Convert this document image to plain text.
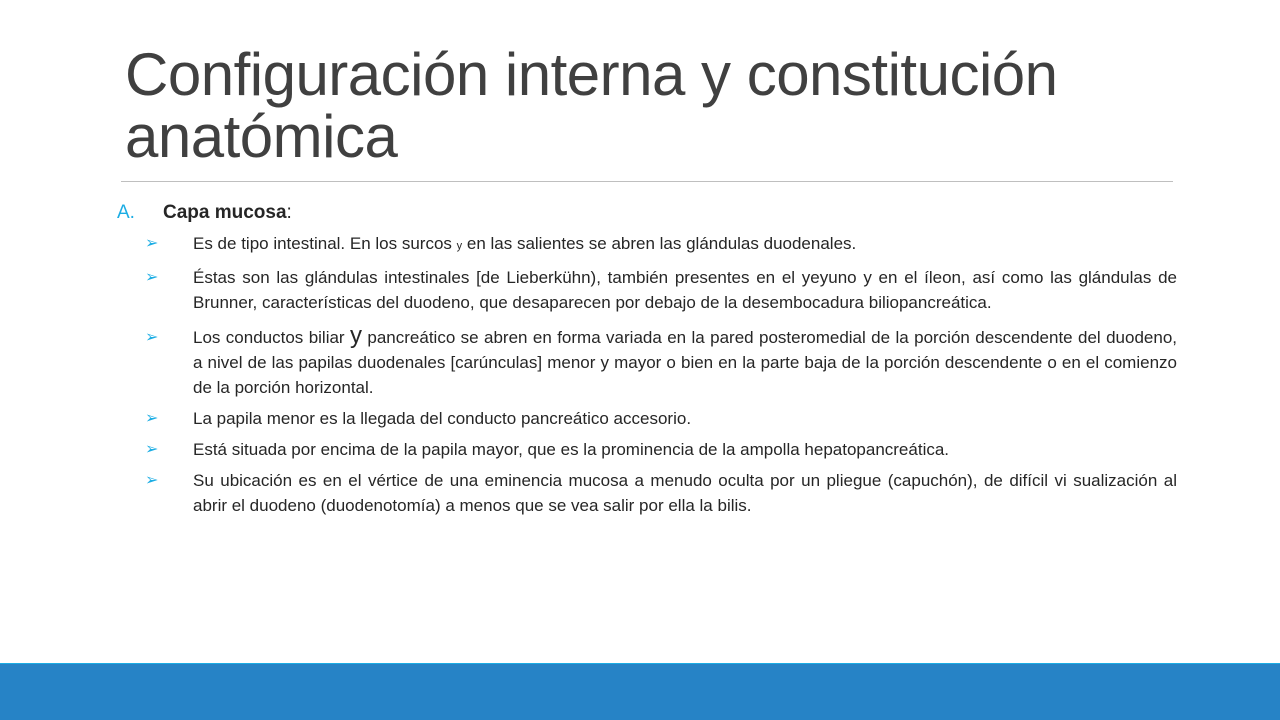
Configuración interna y constitución anatómica
A.	Capa mucosa:
➢	Es de tipo intestinal. En los surcos y en las salientes se abren las glándulas duodenales.
➢	Éstas son las glándulas intestinales [de Lieberkühn), también presentes en el yeyuno y en el íleon, así como las glándulas de Brunner, características del duodeno, que desaparecen por debajo de la desembocadura biliopancreática.
➢	Los conductos biliar y pancreático se abren en forma variada en la pared posteromedial de la porción descendente del duodeno, a nivel de las papilas duodenales [carúnculas] menor y mayor o bien en la parte baja de la porción descendente o en el comienzo de la porción horizontal.
➢	La papila menor es la llegada del conducto pancreático accesorio.
➢	Está situada por encima de la papila mayor, que es la prominencia de la ampolla hepatopancreática.
➢	Su ubicación es en el vértice de una eminencia mucosa a menudo oculta por un pliegue (capuchón), de difícil vi sualización al abrir el duodeno (duodenotomía) a menos que se vea salir por ella la bilis.
